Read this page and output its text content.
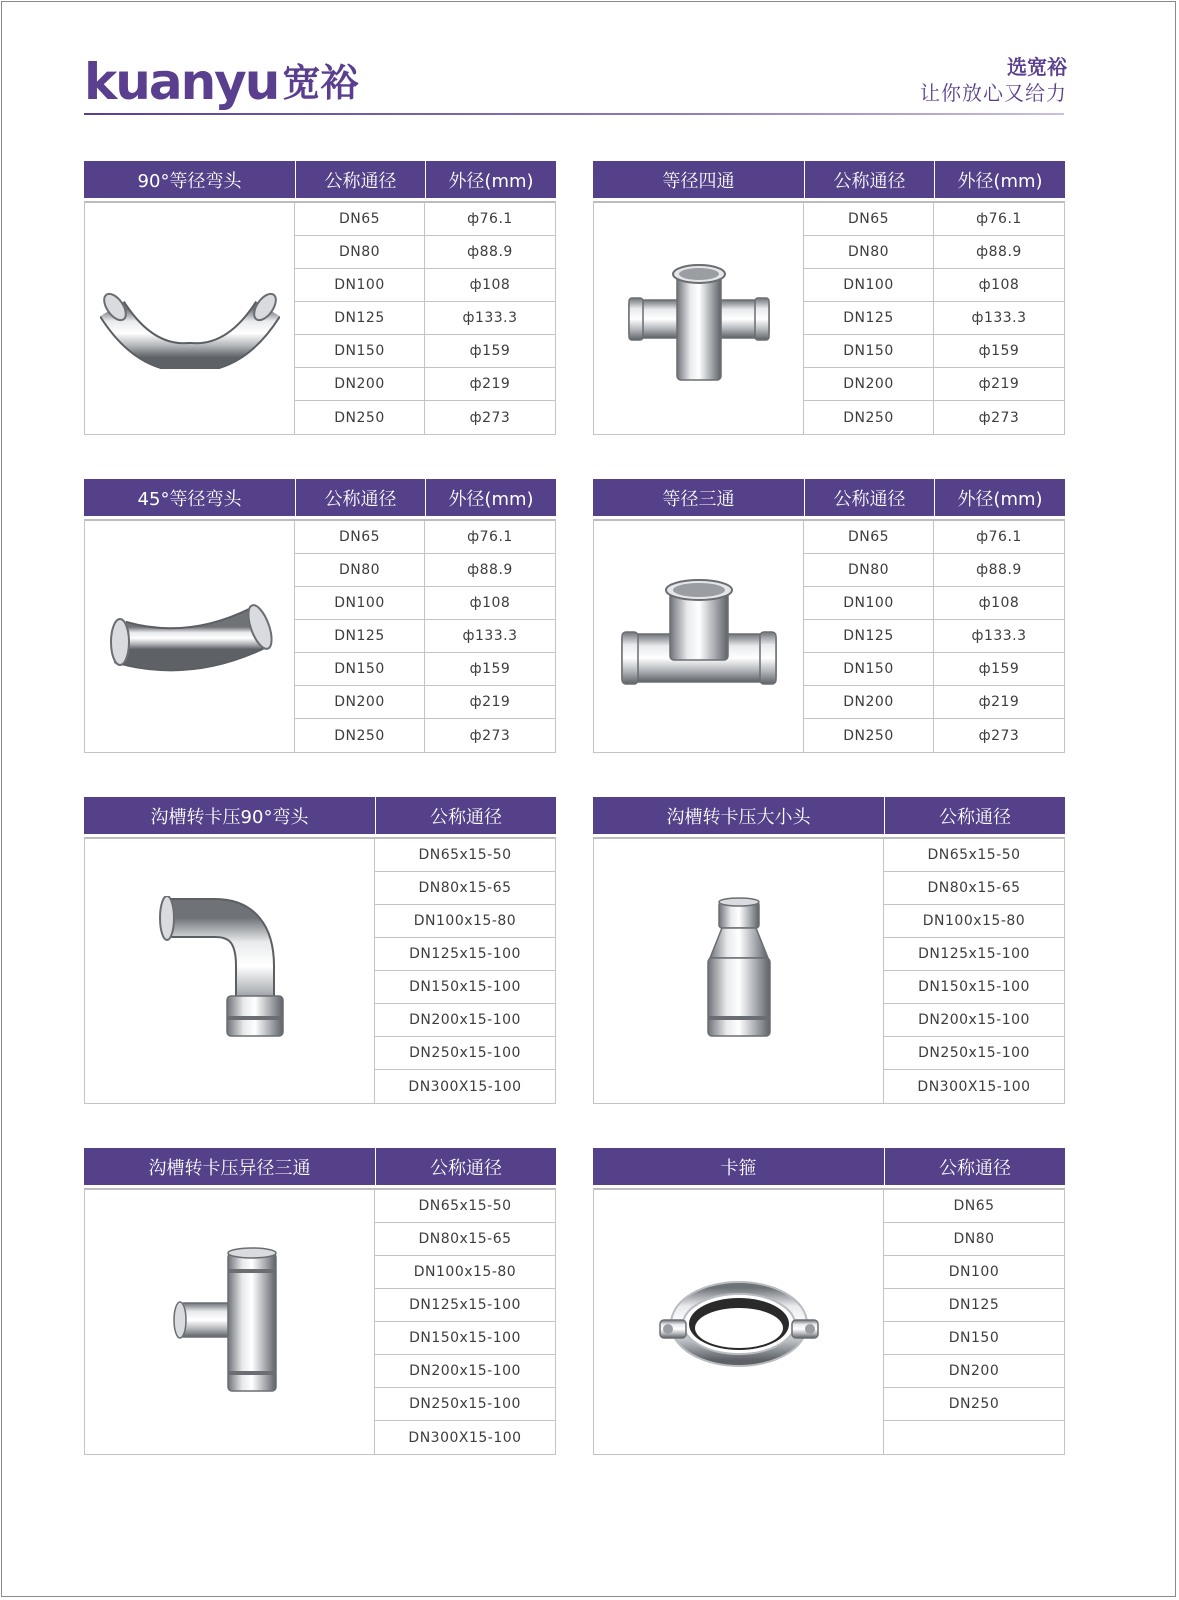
kuanyu 宽裕	选宽裕
让你放心又给力
90°等径弯头	公称通径	外径(mm)
DN65	ф76.1
DN80	ф88.9
DN100	ф108
DN125	ф133.3
DN150	ф159
DN200	ф219
DN250	ф273
等径四通	公称通径	外径(mm)
DN65	ф76.1
DN80	ф88.9
DN100	ф108
DN125	ф133.3
DN150	ф159
DN200	ф219
DN250	ф273
45°等径弯头	公称通径	外径(mm)
DN65	ф76.1
DN80	ф88.9
DN100	ф108
DN125	ф133.3
DN150	ф159
DN200	ф219
DN250	ф273
等径三通	公称通径	外径(mm)
DN65	ф76.1
DN80	ф88.9
DN100	ф108
DN125	ф133.3
DN150	ф159
DN200	ф219
DN250	ф273
沟槽转卡压90°弯头	公称通径
DN65x15-50
DN80x15-65
DN100x15-80
DN125x15-100
DN150x15-100
DN200x15-100
DN250x15-100
DN300X15-100
沟槽转卡压大小头	公称通径
DN65x15-50
DN80x15-65
DN100x15-80
DN125x15-100
DN150x15-100
DN200x15-100
DN250x15-100
DN300X15-100
沟槽转卡压异径三通	公称通径
DN65x15-50
DN80x15-65
DN100x15-80
DN125x15-100
DN150x15-100
DN200x15-100
DN250x15-100
DN300X15-100
卡箍	公称通径
DN65
DN80
DN100
DN125
DN150
DN200
DN250
